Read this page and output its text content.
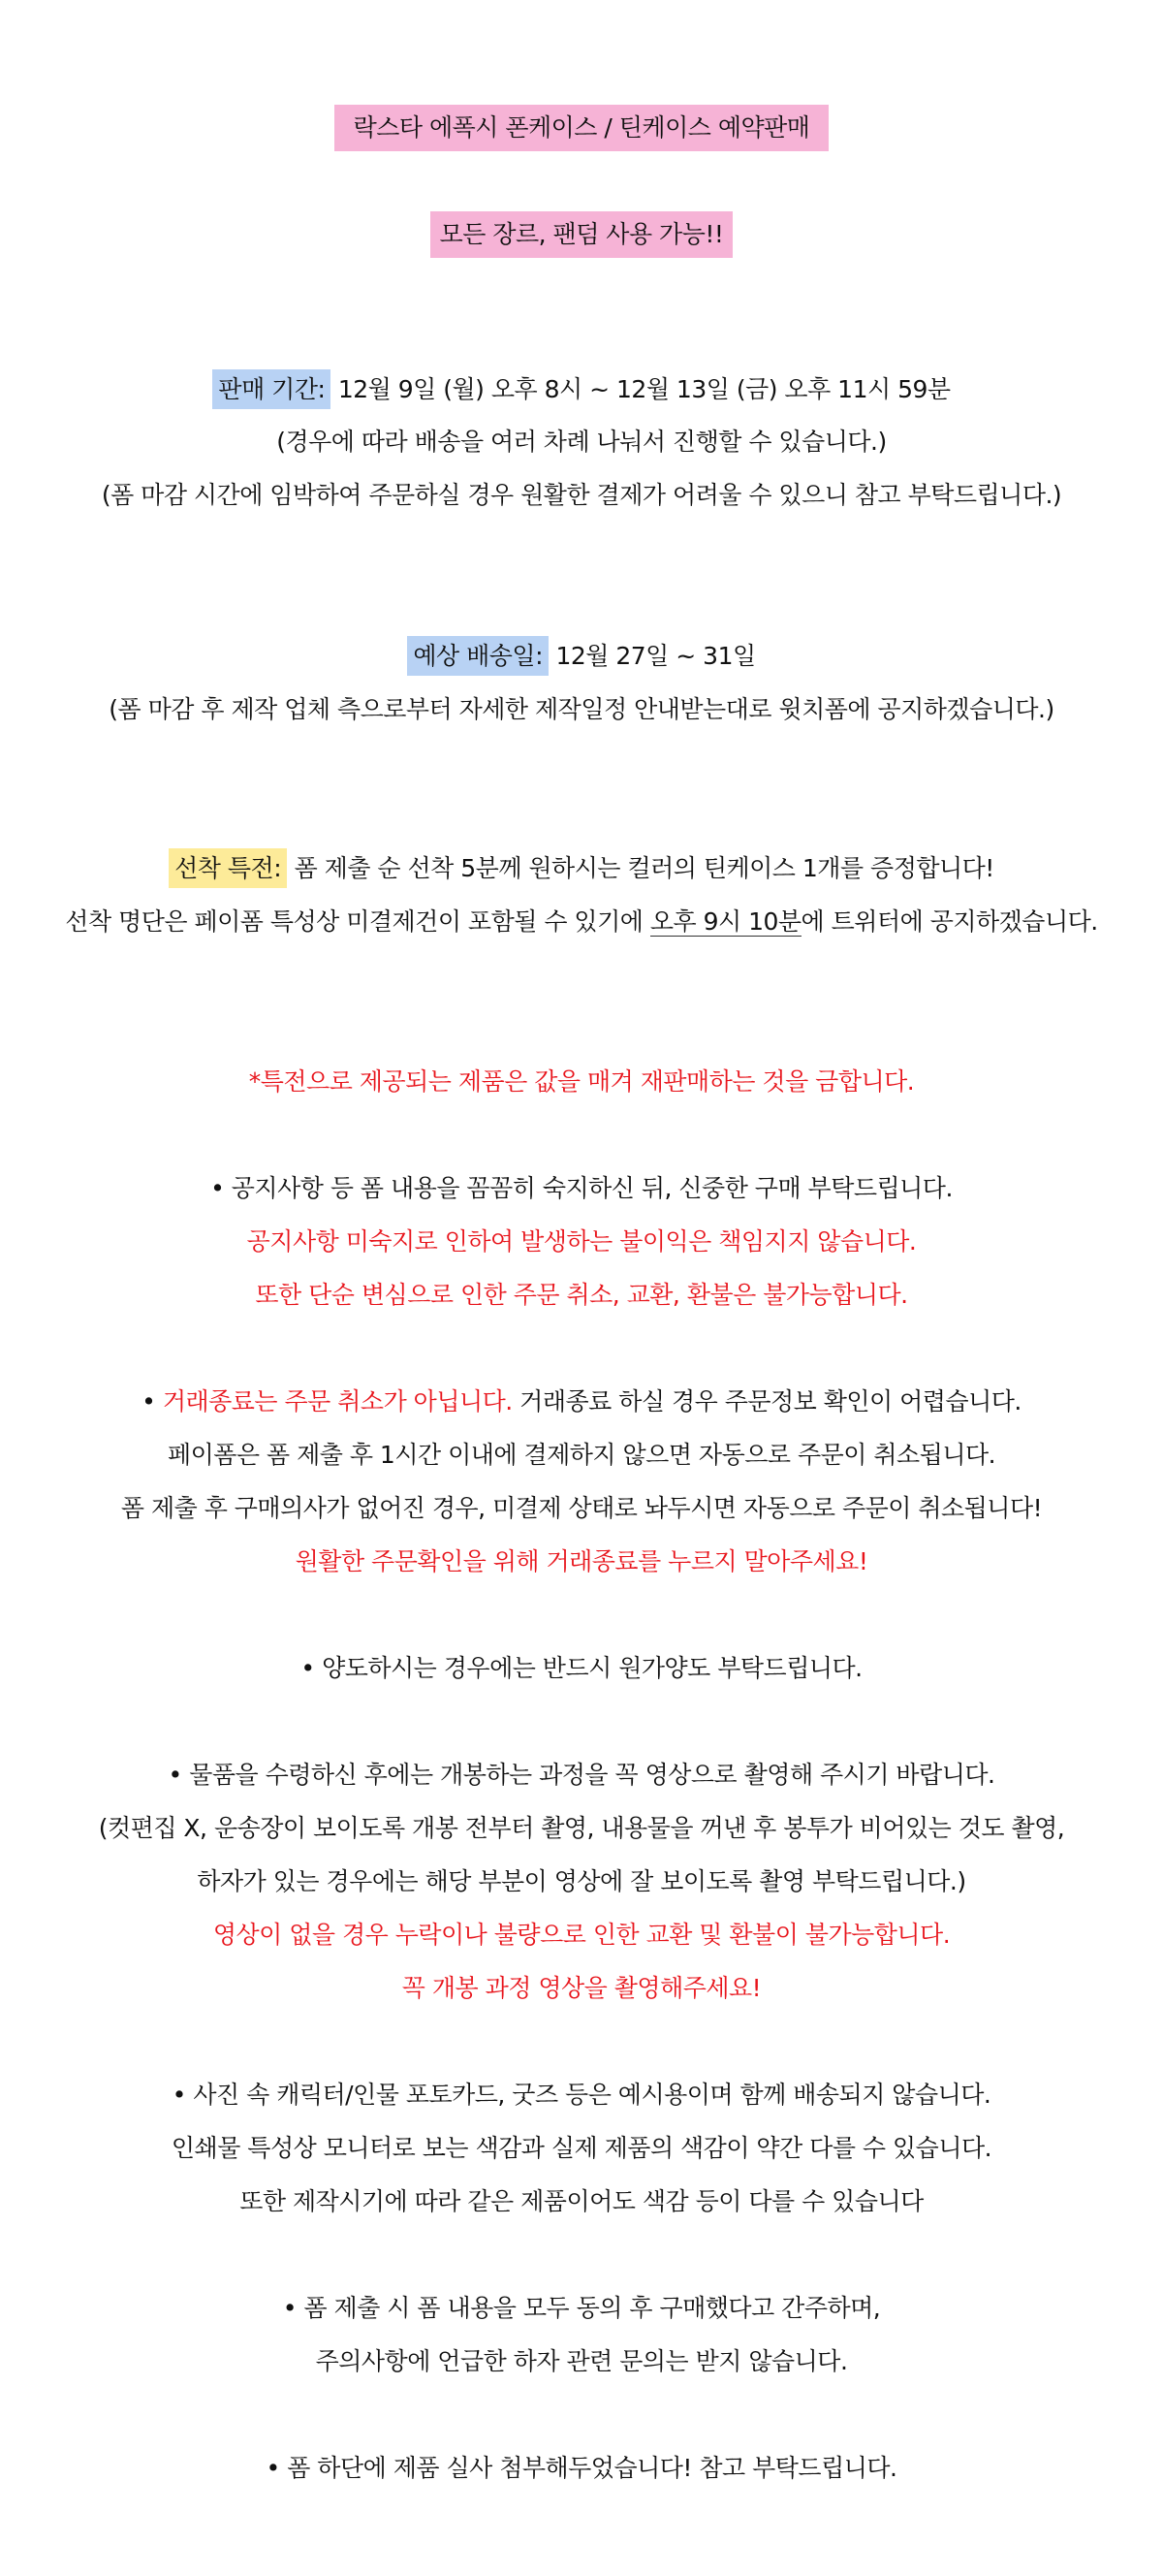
락스타 에폭시 폰케이스 / 틴케이스 예약판매
모든 장르, 팬덤 사용 가능!!
판매 기간: 12월 9일 (월) 오후 8시 ~ 12월 13일 (금) 오후 11시 59분
(경우에 따라 배송을 여러 차례 나눠서 진행할 수 있습니다.)
(폼 마감 시간에 임박하여 주문하실 경우 원활한 결제가 어려울 수 있으니 참고 부탁드립니다.)
예상 배송일: 12월 27일 ~ 31일
(폼 마감 후 제작 업체 측으로부터 자세한 제작일정 안내받는대로 윗치폼에 공지하겠습니다.)
선착 특전: 폼 제출 순 선착 5분께 원하시는 컬러의 틴케이스 1개를 증정합니다!
선착 명단은 페이폼 특성상 미결제건이 포함될 수 있기에 오후 9시 10분에 트위터에 공지하겠습니다.
*특전으로 제공되는 제품은 값을 매겨 재판매하는 것을 금합니다.
• 공지사항 등 폼 내용을 꼼꼼히 숙지하신 뒤, 신중한 구매 부탁드립니다.
공지사항 미숙지로 인하여 발생하는 불이익은 책임지지 않습니다.
또한 단순 변심으로 인한 주문 취소, 교환, 환불은 불가능합니다.
• 거래종료는 주문 취소가 아닙니다. 거래종료 하실 경우 주문정보 확인이 어렵습니다.
페이폼은 폼 제출 후 1시간 이내에 결제하지 않으면 자동으로 주문이 취소됩니다.
폼 제출 후 구매의사가 없어진 경우, 미결제 상태로 놔두시면 자동으로 주문이 취소됩니다!
원활한 주문확인을 위해 거래종료를 누르지 말아주세요!
• 양도하시는 경우에는 반드시 원가양도 부탁드립니다.
• 물품을 수령하신 후에는 개봉하는 과정을 꼭 영상으로 촬영해 주시기 바랍니다.
(컷편집 X, 운송장이 보이도록 개봉 전부터 촬영, 내용물을 꺼낸 후 봉투가 비어있는 것도 촬영,
하자가 있는 경우에는 해당 부분이 영상에 잘 보이도록 촬영 부탁드립니다.)
영상이 없을 경우 누락이나 불량으로 인한 교환 및 환불이 불가능합니다.
꼭 개봉 과정 영상을 촬영해주세요!
• 사진 속 캐릭터/인물 포토카드, 굿즈 등은 예시용이며 함께 배송되지 않습니다.
인쇄물 특성상 모니터로 보는 색감과 실제 제품의 색감이 약간 다를 수 있습니다.
또한 제작시기에 따라 같은 제품이어도 색감 등이 다를 수 있습니다
• 폼 제출 시 폼 내용을 모두 동의 후 구매했다고 간주하며,
주의사항에 언급한 하자 관련 문의는 받지 않습니다.
• 폼 하단에 제품 실사 첨부해두었습니다! 참고 부탁드립니다.
